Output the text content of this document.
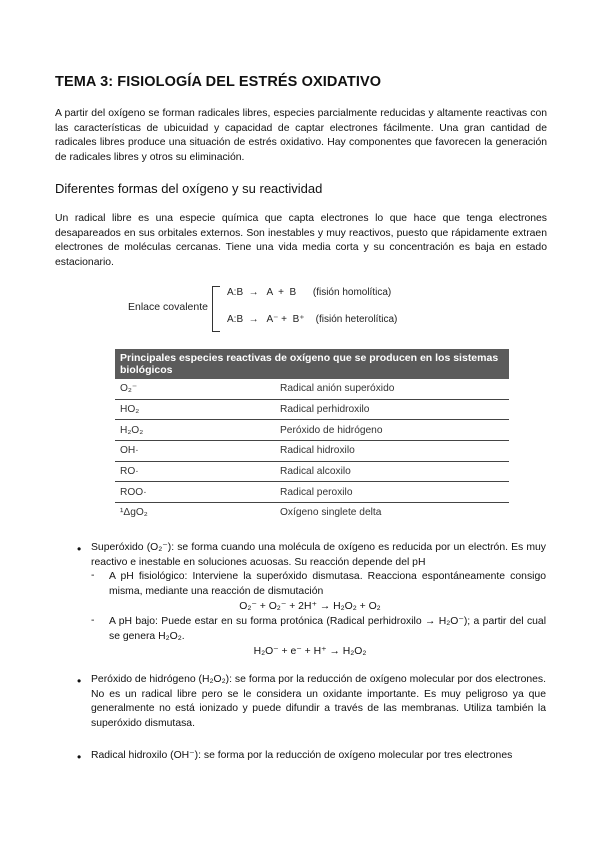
TEMA 3: FISIOLOGÍA DEL ESTRÉS OXIDATIVO
A partir del oxígeno se forman radicales libres, especies parcialmente reducidas y altamente reactivas con las características de ubicuidad y capacidad de captar electrones fácilmente. Una gran cantidad de radicales libres produce una situación de estrés oxidativo. Hay componentes que favorecen la generación de radicales libres y otros su eliminación.
Diferentes formas del oxígeno y su reactividad
Un radical libre es una especie química que capta electrones lo que hace que tenga electrones desapareados en sus orbitales externos. Son inestables y muy reactivos, puesto que rápidamente extraen electrones de moléculas cercanas. Tiene una vida media corta y su concentración es baja en estado estacionario.
Enlace covalente
A:B  →   A  +  B      (fisión homolítica)
A:B  →   A⁻ +  B⁺    (fisión heterolítica)
Principales especies reactivas de oxígeno que se producen en los sistemas biológicos	
O₂⁻	Radical anión superóxido
HO₂	Radical perhidroxilo
H₂O₂	Peróxido de hidrógeno
OH·	Radical hidroxilo
RO·	Radical alcoxilo
ROO·	Radical peroxilo
¹ΔgO₂	Oxígeno singlete delta
• Superóxido (O₂⁻): se forma cuando una molécula de oxígeno es reducida por un electrón. Es muy reactivo e inestable en soluciones acuosas. Su reacción depende del pH
- A pH fisiológico: Interviene la superóxido dismutasa. Reacciona espontáneamente consigo misma, mediante una reacción de dismutación
O₂⁻ + O₂⁻ + 2H⁺ → H₂O₂ + O₂
- A pH bajo: Puede estar en su forma protónica (Radical perhidroxilo → H₂O⁻); a partir del cual se genera H₂O₂.
H₂O⁻ + e⁻ + H⁺ → H₂O₂
• Peróxido de hidrógeno (H₂O₂): se forma por la reducción de oxígeno molecular por dos electrones. No es un radical libre pero se le considera un oxidante importante. Es muy peligroso ya que generalmente no está ionizado y puede difundir a través de las membranas. Utiliza también la superóxido dismutasa.
• Radical hidroxilo (OH⁻): se forma por la reducción de oxígeno molecular por tres electrones
